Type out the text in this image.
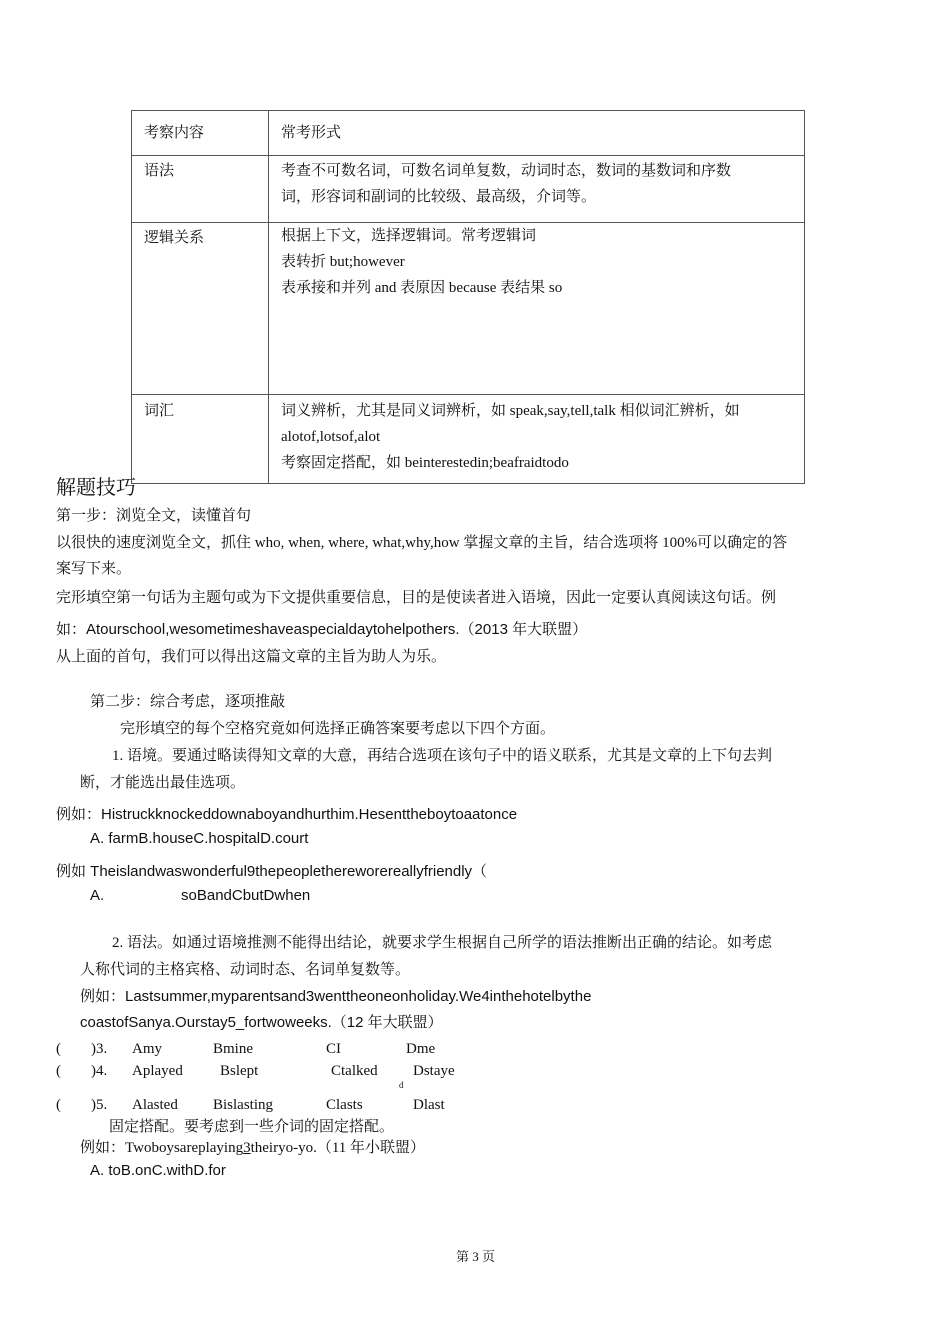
考察内容	常考形式
语法	考查不可数名词，可数名词单复数，动词时态，数词的基数词和序数
词，形容词和副词的比较级、最高级，介词等。

逻辑关系	根据上下文，选择逻辑词。常考逻辑词
表转折 but;however
表承接和并列 and 表原因 because 表结果 so

词汇	词义辨析，尤其是同义词辨析，如 speak,say,tell,talk 相似词汇辨析，如
alotof,lotsof,alot
考察固定搭配，如 beinterestedin;beafraidtodo
解题技巧
第一步：浏览全文，读懂首句
以很快的速度浏览全文，抓住 who, when, where, what,why,how 掌握文章的主旨，结合选项将 100%可以确定的答
案写下来。
完形填空第一句话为主题句或为下文提供重要信息，目的是使读者进入语境，因此一定要认真阅读这句话。例
如：Atourschool,wesometimeshaveaspecialdaytohelpothers.（2013 年大联盟）
从上面的首句，我们可以得出这篇文章的主旨为助人为乐。
第二步：综合考虑，逐项推敲
完形填空的每个空格究竟如何选择正确答案要考虑以下四个方面。
1. 语境。要通过略读得知文章的大意，再结合选项在该句子中的语义联系，尤其是文章的上下句去判
断，才能选出最佳选项。
例如：Histruckknockeddownaboyandhurthim.Hesenttheboytoaatonce
A. farmB.houseC.hospitalD.court
例如 Theislandwaswonderful9thepeoplethereworereallyfriendly（
A.	soBandCbutDwhen
2. 语法。如通过语境推测不能得出结论，就要求学生根据自己所学的语法推断出正确的结论。如考虑
人称代词的主格宾格、动词时态、名词单复数等。
例如：Lastsummer,myparentsand3wenttheoneonholiday.We4inthehotelbythe
coastofSanya.Ourstay5_fortwoweeks.（12 年大联盟）
( )3. Amy	Bmine	CI	Dme
( )4. Aplayed Bslept	Ctalked Dstaye
d
( )5. Alasted Bislasting	Clasts	Dlast
固定搭配。要考虑到一些介词的固定搭配。
例如：Twoboysareplaying3theiryo-yo.（11 年小联盟）
A. toB.onC.withD.for
第 3 页
